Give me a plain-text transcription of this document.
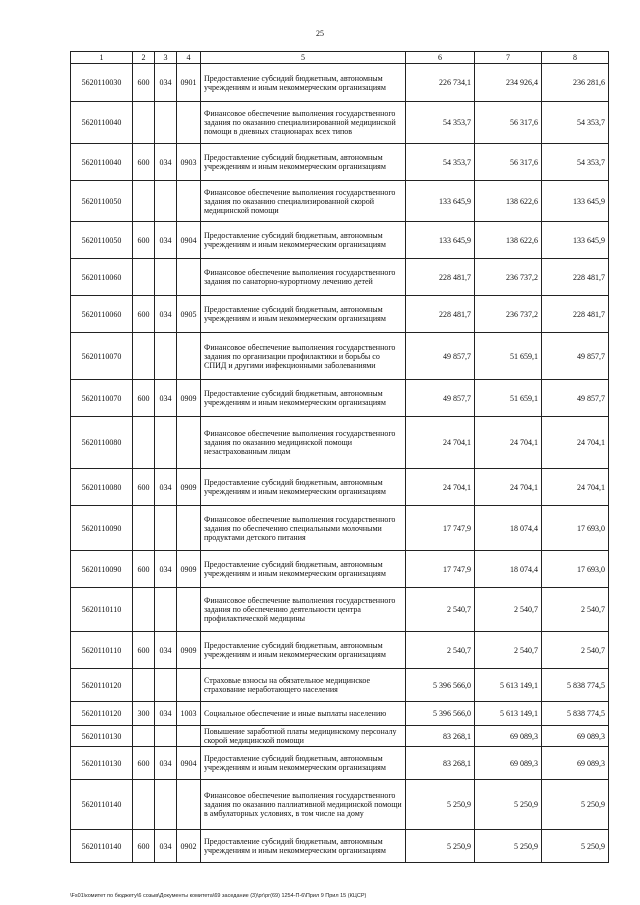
25
1	2	3	4	5	6	7	8
5620110030	600	034	0901	Предоставление субсидий бюджетным, автономным учреждениям и иным некоммерческим организациям	226 734,1	234 926,4	236 281,6
5620110040				Финансовое обеспечение выполнения государственного задания по оказанию специализированной медицинской помощи в дневных стационарах всех типов	54 353,7	56 317,6	54 353,7
5620110040	600	034	0903	Предоставление субсидий бюджетным, автономным учреждениям и иным некоммерческим организациям	54 353,7	56 317,6	54 353,7
5620110050				Финансовое обеспечение выполнения государственного задания по оказанию специализированной скорой медицинской помощи	133 645,9	138 622,6	133 645,9
5620110050	600	034	0904	Предоставление субсидий бюджетным, автономным учреждениям и иным некоммерческим организациям	133 645,9	138 622,6	133 645,9
5620110060				Финансовое обеспечение выполнения государственного задания по санаторно-курортному лечению детей	228 481,7	236 737,2	228 481,7
5620110060	600	034	0905	Предоставление субсидий бюджетным, автономным учреждениям и иным некоммерческим организациям	228 481,7	236 737,2	228 481,7
5620110070				Финансовое обеспечение выполнения государственного задания по организации профилактики и борьбы со СПИД и другими инфекционными заболеваниями	49 857,7	51 659,1	49 857,7
5620110070	600	034	0909	Предоставление субсидий бюджетным, автономным учреждениям и иным некоммерческим организациям	49 857,7	51 659,1	49 857,7
5620110080				Финансовое обеспечение выполнения государственного задания по оказанию медицинской помощи незастрахованным лицам	24 704,1	24 704,1	24 704,1
5620110080	600	034	0909	Предоставление субсидий бюджетным, автономным учреждениям и иным некоммерческим организациям	24 704,1	24 704,1	24 704,1
5620110090				Финансовое обеспечение выполнения государственного задания по обеспечению специальными молочными продуктами детского питания	17 747,9	18 074,4	17 693,0
5620110090	600	034	0909	Предоставление субсидий бюджетным, автономным учреждениям и иным некоммерческим организациям	17 747,9	18 074,4	17 693,0
5620110110				Финансовое обеспечение выполнения государственного задания по обеспечению деятельности центра профилактической медицины	2 540,7	2 540,7	2 540,7
5620110110	600	034	0909	Предоставление субсидий бюджетным, автономным учреждениям и иным некоммерческим организациям	2 540,7	2 540,7	2 540,7
5620110120				Страховые взносы на обязательное медицинское страхование неработающего населения	5 396 566,0	5 613 149,1	5 838 774,5
5620110120	300	034	1003	Социальное обеспечение и иные выплаты населению	5 396 566,0	5 613 149,1	5 838 774,5
5620110130				Повышение заработной платы медицинскому персоналу скорой медицинской помощи	83 268,1	69 089,3	69 089,3
5620110130	600	034	0904	Предоставление субсидий бюджетным, автономным учреждениям и иным некоммерческим организациям	83 268,1	69 089,3	69 089,3
5620110140				Финансовое обеспечение выполнения государственного задания по оказанию паллиативной медицинской помощи в амбулаторных условиях, в том числе на дому	5 250,9	5 250,9	5 250,9
5620110140	600	034	0902	Предоставление субсидий бюджетным, автономным учреждениям и иным некоммерческим организациям	5 250,9	5 250,9	5 250,9
\Fs01\комитет по бюджету\6 созыв\Документы комитета\69 заседание (3)\рг\рг(69) 1254-П-6\Прил 9 Прил 15 (КЦСР)
